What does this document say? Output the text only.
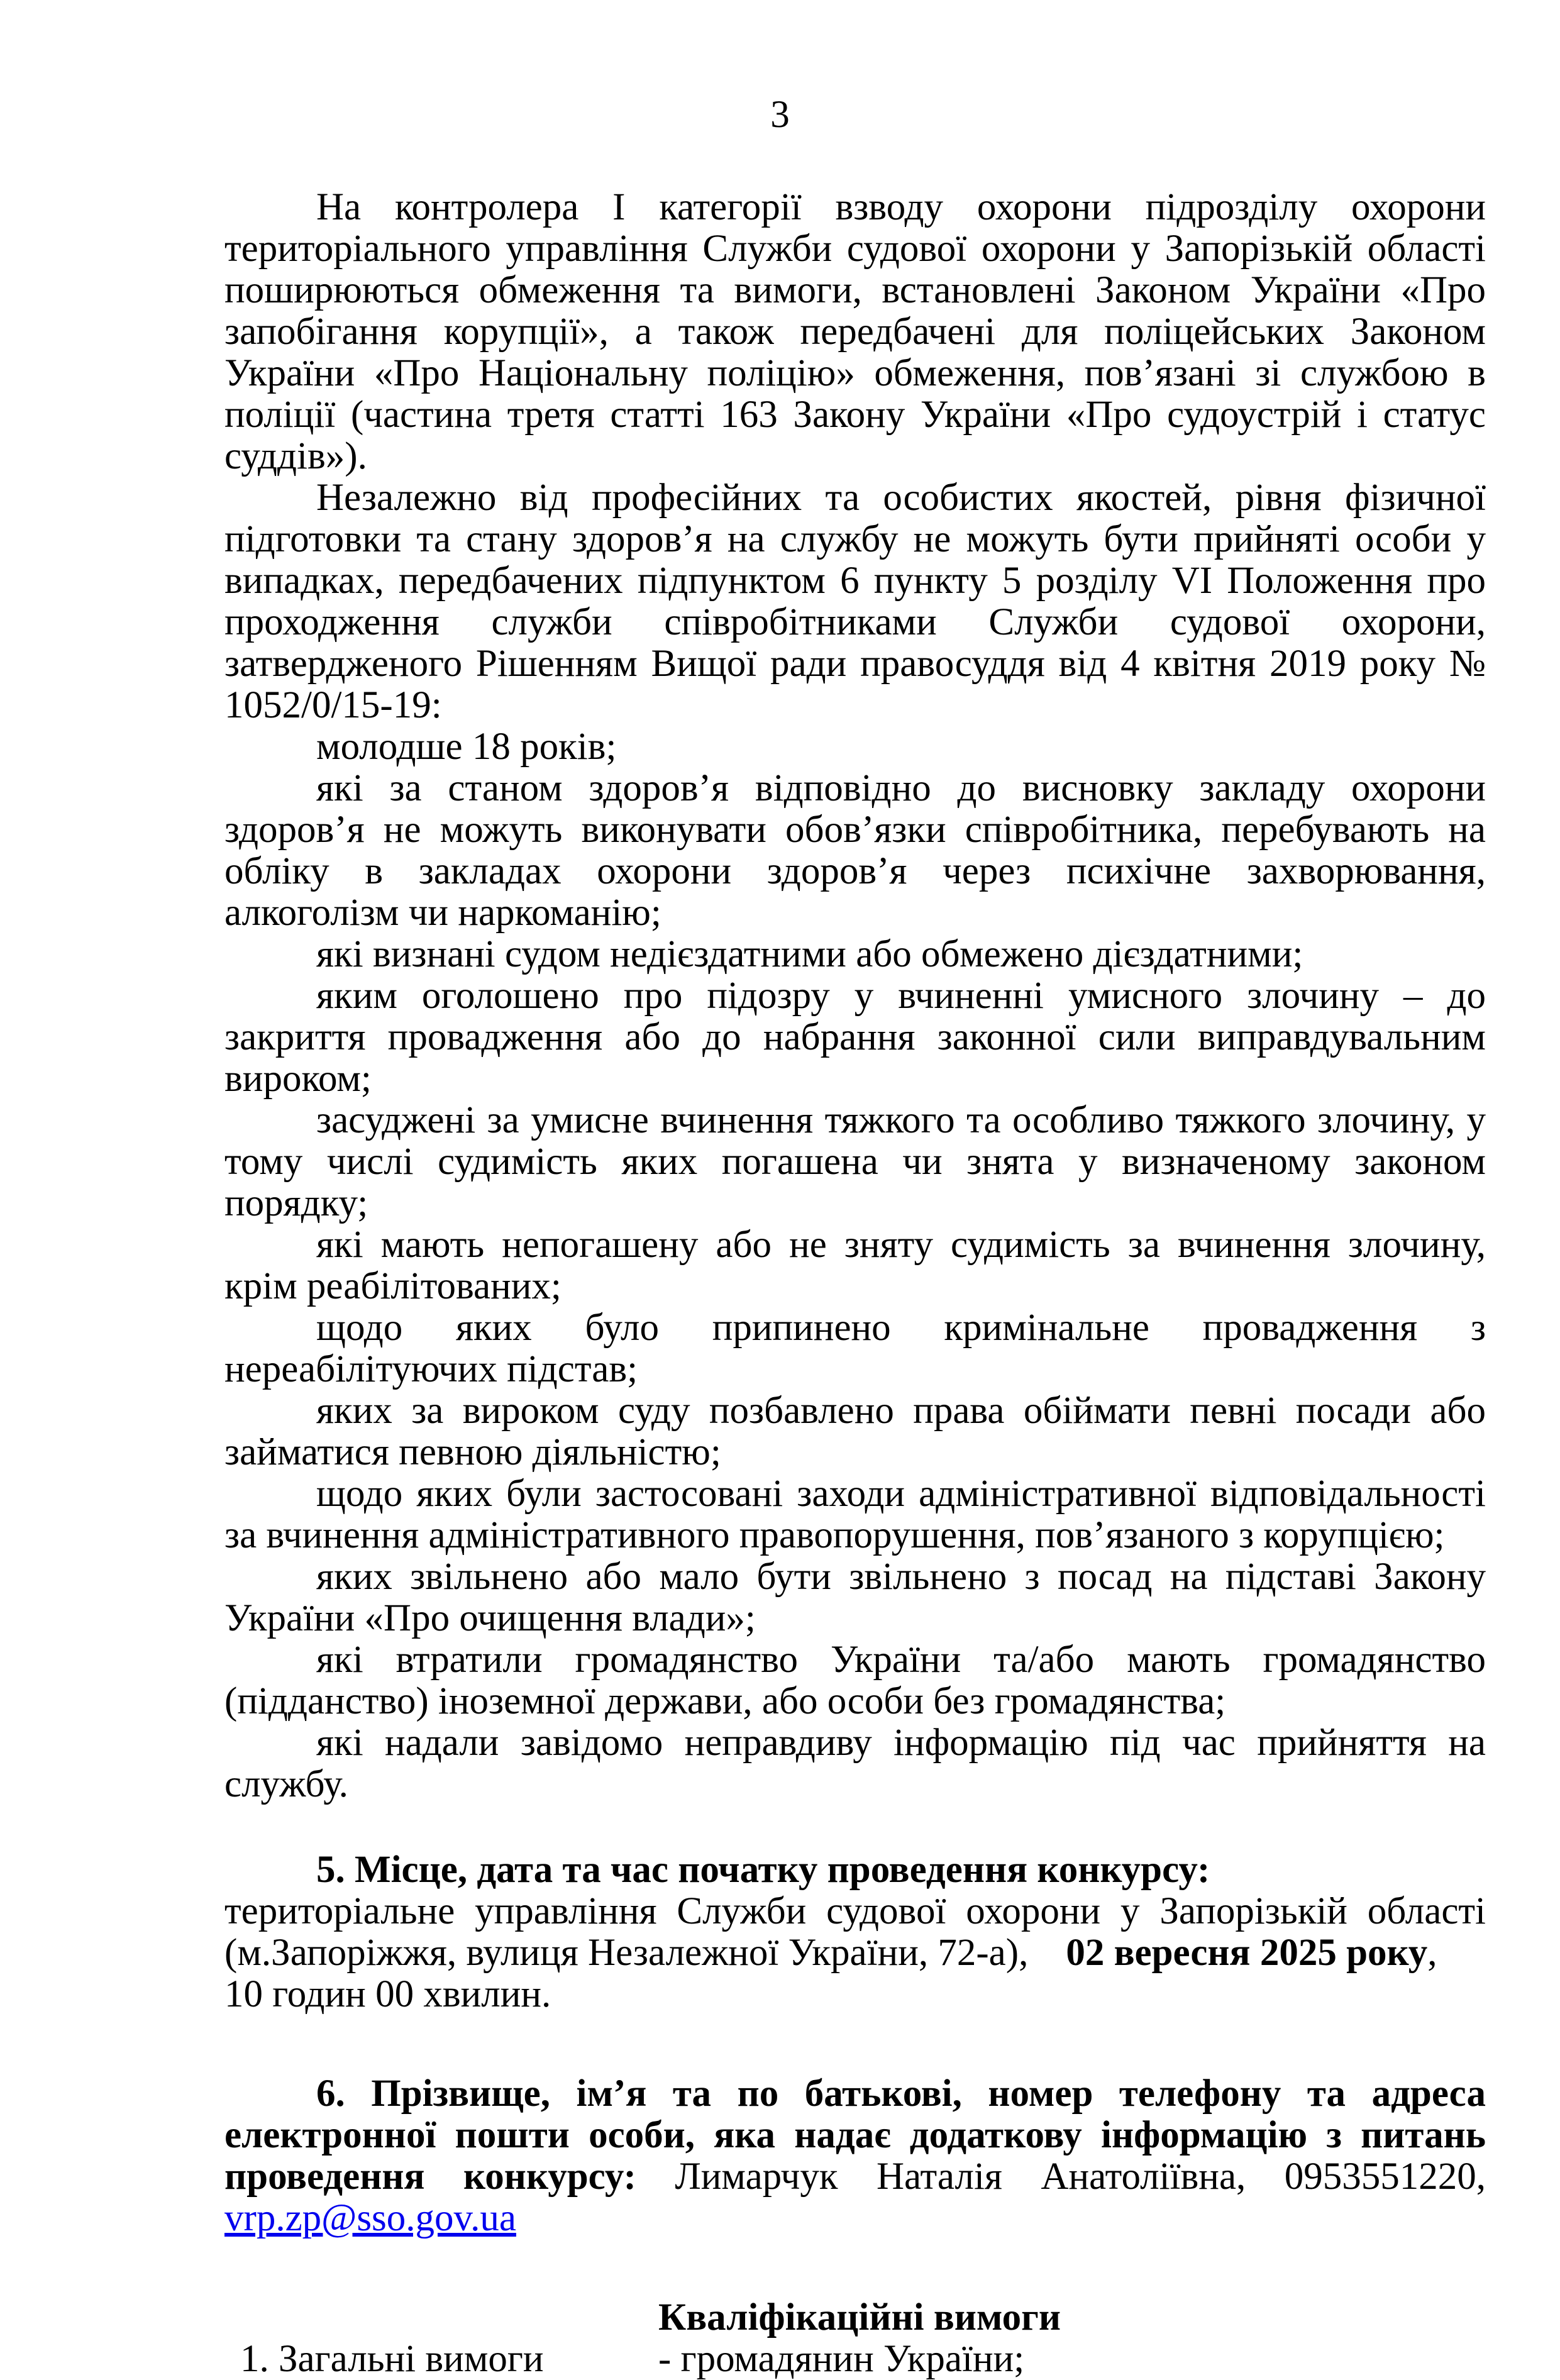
3

На контролера І категорії взводу охорони підрозділу охорони територіального управління Служби судової охорони у Запорізькій області поширюються обмеження та вимоги, встановлені Законом України «Про запобігання корупції», а також передбачені для поліцейських Законом України «Про Національну поліцію» обмеження, пов’язані зі службою в поліції (частина третя статті 163 Закону України «Про судоустрій і статус суддів»).

Незалежно від професійних та особистих якостей, рівня фізичної підготовки та стану здоров’я на службу не можуть бути прийняті особи у випадках, передбачених підпунктом 6 пункту 5 розділу VI Положення про проходження служби співробітниками Служби судової охорони, затвердженого Рішенням Вищої ради правосуддя від 4 квітня 2019 року № 1052/0/15-19:

молодше 18 років;

які за станом здоров’я відповідно до висновку закладу охорони здоров’я не можуть виконувати обов’язки співробітника, перебувають на обліку в закладах охорони здоров’я через психічне захворювання, алкоголізм чи наркоманію;

які визнані судом недієздатними або обмежено дієздатними;

яким оголошено про підозру у вчиненні умисного злочину – до закриття провадження або до набрання законної сили виправдувальним вироком;

засуджені за умисне вчинення тяжкого та особливо тяжкого злочину, у тому числі судимість яких погашена чи знята у визначеному законом порядку;

які мають непогашену або не зняту судимість за вчинення злочину, крім реабілітованих;

щодо яких було припинено кримінальне провадження з нереабілітуючих підстав;

яких за вироком суду позбавлено права обіймати певні посади або займатися певною діяльністю;

щодо яких були застосовані заходи адміністративної відповідальності за вчинення адміністративного правопорушення, пов’язаного з корупцією;

яких звільнено або мало бути звільнено з посад на підставі Закону України «Про очищення влади»;

які втратили громадянство України та/або мають громадянство (підданство) іноземної держави, або особи без громадянства;

які надали завідомо неправдиву інформацію під час прийняття на службу.

5. Місце, дата та час початку проведення конкурсу:

територіальне управління Служби судової охорони у Запорізькій області (м.Запоріжжя, вулиця Незалежної України, 72-а), 02 вересня 2025 року,

10 годин 00 хвилин.

6. Прізвище, ім’я та по батькові, номер телефону та адреса електронної пошти особи, яка надає додаткову інформацію з питань проведення конкурсу: Лимарчук Наталія Анатоліївна, 0953551220, vrp.zp@sso.gov.ua

Кваліфікаційні вимоги

1. Загальні вимоги	- громадянин України;
